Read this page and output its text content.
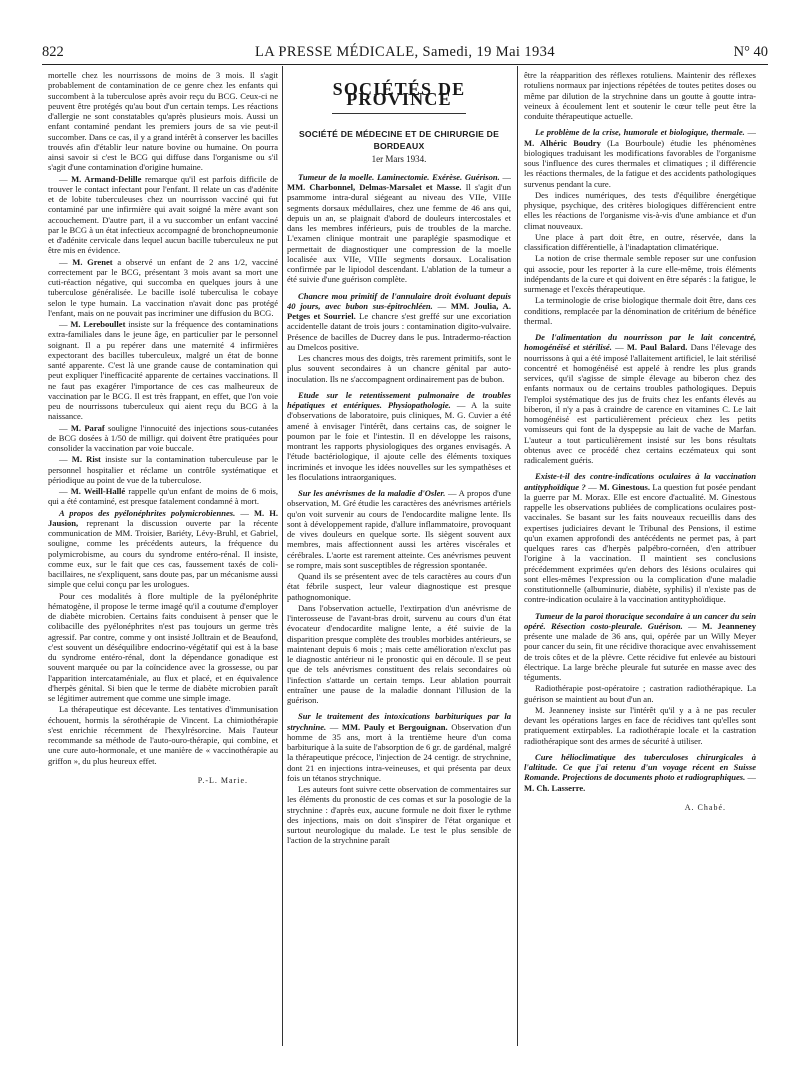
822	LA PRESSE MÉDICALE, Samedi, 19 Mai 1934	N° 40

mortelle chez les nourrissons de moins de 3 mois. Il s'agit probablement de contamination de ce genre chez les enfants qui succombent à la tuberculose après avoir reçu du BCG. Ceux-ci ne peuvent être protégés qu'au bout d'un certain temps. Les réactions d'allergie ne sont constatables qu'après plusieurs mois. Aussi un enfant contaminé pendant les premiers jours de sa vie peut-il succomber. Dans ce cas, il y a grand intérêt à conserver les bacilles trouvés afin d'établir leur nature bovine ou humaine. On pourra ainsi savoir si c'est le BCG qui diffuse dans l'organisme ou s'il s'agit d'une contamination d'origine humaine.

— M. Armand-Delille remarque qu'il est parfois difficile de trouver le contact infectant pour l'enfant. Il relate un cas d'adénite et de lobite tuberculeuses chez un nourrisson vacciné qui fut contaminé par une infirmière qui avait soigné la mère avant son accouchement. D'autre part, il a vu succomber un enfant vacciné par le BCG à un état infectieux accompagné de bronchopneumonie et d'adénite cervicale dans lequel aucun bacille tuberculeux ne put être mis en évidence.

— M. Grenet a observé un enfant de 2 ans 1/2, vacciné correctement par le BCG, présentant 3 mois avant sa mort une cuti-réaction négative, qui succomba en quelques jours à une tuberculose généralisée. Le bacille isolé tuberculisa le cobaye selon le type humain. La vaccination n'avait donc pas protégé l'enfant, mais on ne pouvait pas incriminer une diffusion du BCG.

— M. Lereboullet insiste sur la fréquence des contaminations extra-familiales dans le jeune âge, en particulier par le personnel soignant. Il a pu repérer dans une maternité 4 infirmières expectorant des bacilles tuberculeux, malgré un état de bonne santé apparente. C'est là une grande cause de contamination qui peut expliquer l'inefficacité apparente de certaines vaccinations. Il ne faut pas exagérer l'importance de ces cas malheureux de vaccination par le BCG. Il est très frappant, en effet, que l'on voie peu de nourrissons tuberculeux qui aient reçu du BCG à la naissance.

— M. Paraf souligne l'innocuité des injections sous-cutanées de BCG dosées à 1/50 de milligr. qui doivent être pratiquées pour consolider la vaccination par voie buccale.

— M. Rist insiste sur la contamination tuberculeuse par le personnel hospitalier et réclame un contrôle systématique et périodique au point de vue de la tuberculose.

— M. Weill-Hallé rappelle qu'un enfant de moins de 6 mois, qui a été contaminé, est presque fatalement condamné à mort.

A propos des pyélonéphrites polymicrobiennes. — M. H. Jausion, reprenant la discussion ouverte par la récente communication de MM. Troisier, Bariéty, Lévy-Bruhl, et Gabriel, souligne, comme les précédents auteurs, la fréquence du polymicrobisme, au cours du syndrome entéro-rénal. Il insiste, comme eux, sur le fait que ces cas, faussement taxés de coli-bacillaires, ne s'expliquent, sans doute pas, par un mécanisme aussi simple que celui conçu par les urologues.

Pour ces modalités à flore multiple de la pyélonéphrite hématogène, il propose le terme imagé qu'il a coutume d'employer de diabète microbien. Certains faits conduisent à penser que le colibacille des pyélonéphrites n'est pas toujours un germe très agressif. Par contre, comme y ont insisté Jolltrain et de Beaufond, c'est souvent un déséquilibre endocrino-végétatif qui est à la base du syndrome entéro-rénal, dont la dépendance gonadique est souvent marquée ou par la coïncidence avec la grossesse, ou par l'apparition intercataméniale, au flux et placé, et en équivalence d'herpès génital. Si bien que le terme de diabète microbien paraît se légitimer autrement que comme une simple image.

La thérapeutique est décevante. Les tentatives d'immunisation échouent, hormis la sérothérapie de Vincent. La chimiothérapie s'est enrichie récemment de l'hexylrésorcine. Mais l'auteur recommande sa méthode de l'auto-ouro-thérapie, qui combine, et une cure auto-hormonale, et une manière de « vaccinothérapie au griffon », du plus heureux effet.

P.-L. Marie.
SOCIÉTÉS DE PROVINCE
SOCIÉTÉ DE MÉDECINE ET DE CHIRURGIE DE BORDEAUX
1er Mars 1934.

Tumeur de la moelle. Laminectomie. Exérèse. Guérison. — MM. Charbonnel, Delmas-Marsalet et Masse. Il s'agit d'un psammome intra-dural siégeant au niveau des VIIe, VIIIe segments dorsaux médullaires, chez une femme de 46 ans qui, depuis un an, se plaignait d'abord de douleurs intercostales et dans les membres inférieurs, puis de troubles de la marche. L'examen clinique montrait une paraplégie spasmodique et permettait de diagnostiquer une compression de la moelle localisée aux VIIe, VIIIe segments dorsaux. Localisation confirmée par le lipiodol descendant. L'ablation de la tumeur a été suivie d'une guérison complète.

Chancre mou primitif de l'annulaire droit évoluant depuis 40 jours, avec bubon sus-épitrochléen. — MM. Joulia, A. Petges et Sourriel. Le chancre s'est greffé sur une excoriation accidentelle datant de trois jours : contamination digito-vulvaire. Présence de bacilles de Ducrey dans le pus. Intradermo-réaction au Dmelcos positive.

Les chancres mous des doigts, très rarement primitifs, sont le plus souvent secondaires à un chancre génital par auto-inoculation. Ils ne s'accompagnent ordinairement pas de bubon.

Etude sur le retentissement pulmonaire de troubles hépatiques et entériques. Physiopathologie. — A la suite d'observations de laboratoire, puis cliniques, M. G. Cuvier a été amené à envisager l'intérêt, dans certains cas, de soigner le poumon par le foie et l'intestin. Il en développe les raisons, montrant les rapports physiologiques des organes envisagés. A l'étude bactériologique, il ajoute celle des éléments toxiques incriminés et invoque les idées nouvelles sur les sympathèses et les floculations intraorganiques.

Sur les anévrismes de la maladie d'Osler. — A propos d'une observation, M. Gré étudie les caractères des anévrismes artériels qu'on voit survenir au cours de l'endocardite maligne lente. Ils sont à développement rapide, d'allure inflammatoire, provoquant de vives douleurs en quelque sorte. Ils siègent souvent aux membres, mais affectionnent aussi les artères viscérales et cérébrales. L'aorte est rarement atteinte. Ces anévrismes peuvent se rompre, mais sont susceptibles de régression spontanée.

Quand ils se présentent avec de tels caractères au cours d'un état fébrile suspect, leur valeur diagnostique est presque pathognomonique.

Dans l'observation actuelle, l'extirpation d'un anévrisme de l'interosseuse de l'avant-bras droit, survenu au cours d'un état évocateur d'endocardite maligne lente, a été suivie de la disparition presque complète des troubles morbides antérieurs, se maintenant depuis 6 mois ; mais cette amélioration n'exclut pas le diagnostic antérieur ni le pronostic qui en découle. Il se peut que de tels anévrismes constituent des relais secondaires où l'infection s'attarde un certain temps. Leur ablation pourrait entraîner une pause de la maladie donnant l'illusion de la guérison.

Sur le traitement des intoxications barbituriques par la strychnine. — MM. Pauly et Bergouignan. Observation d'un homme de 35 ans, mort à la trentième heure d'un coma barbiturique à la suite de l'absorption de 6 gr. de gardénal, malgré la thérapeutique précoce, l'injection de 24 centigr. de strychnine, dont 21 en injections intra-veineuses, et qui présenta par deux fois un tétanos strychnique.

Les auteurs font suivre cette observation de commentaires sur les éléments du pronostic de ces comas et sur la posologie de la strychnine : d'après eux, aucune formule ne doit fixer le rythme des injections, mais on doit s'inspirer de l'état organique et surtout neurologique du malade. Le test le plus sensible de l'action de la strychnine paraît

être la réapparition des réflexes rotuliens. Maintenir des réflexes rotuliens normaux par injections répétées de toutes petites doses ou même par dilution de la strychnine dans un goutte à goutte intra-veineux à écoulement lent et soutenir le cœur telle peut être la conduite thérapeutique actuelle.

Le problème de la crise, humorale et biologique, thermale. — M. Alhéric Boudry (La Bourboule) étudie les phénomènes biologiques traduisant les modifications favorables de l'organisme sous l'influence des cures thermales et climatiques ; il différencie les réactions thermales, de la fatigue et des accidents pathologiques survenus pendant la cure.

Des indices numériques, des tests d'équilibre énergétique physique, psychique, des critères biologiques différencient entre elles les réactions de l'organisme vis-à-vis d'une ambiance et d'un climat nouveaux.

Une place à part doit être, en outre, réservée, dans la classification différentielle, à l'inadaptation climatérique.

La notion de crise thermale semble reposer sur une confusion qui associe, pour les reporter à la cure elle-même, trois éléments indépendants de la cure et qui doivent en être séparés : la fatigue, le surmenage et l'excès thérapeutique.

La terminologie de crise biologique thermale doit être, dans ces conditions, remplacée par la dénomination de critérium de bénéfice thermal.

De l'alimentation du nourrisson par le lait concentré, homogénéisé et stérilisé. — M. Paul Balard. Dans l'élevage des nourrissons à qui a été imposé l'allaitement artificiel, le lait stérilisé concentré et homogénéisé est appelé à rendre les plus grands services, qu'il s'agisse de simple élevage au biberon chez des enfants normaux ou de certains troubles pathologiques. Depuis l'emploi systématique des jus de fruits chez les enfants élevés au biberon, il n'y a pas à craindre de carence en vitamines C. Le lait homogénéisé est particulièrement précieux chez les petits vomisseurs qui font de la dyspepsie au lait de vache de Marfan. L'auteur a tout particulièrement insisté sur les bons résultats obtenus avec ce procédé chez certains eczémateux qui sont radicalement guéris.

Existe-t-il des contre-indications oculaires à la vaccination antityphoïdique ? — M. Ginestous. La question fut posée pendant la guerre par M. Morax. Elle est encore d'actualité. M. Ginestous rappelle les observations publiées de complications oculaires post-vaccinales. Se basant sur les faits nouveaux recueillis dans des expertises judiciaires devant le Tribunal des Pensions, il estime qu'un examen approfondi des antécédents ne permet pas, à part quelques rares cas d'herpès palpébro-cornéen, d'en attribuer l'origine à la vaccination. Il maintient ses conclusions précédemment exprimées qu'en dehors des lésions oculaires qui sont elles-mêmes l'expression ou la complication d'une maladie constitutionnelle (albuminurie, diabète, syphilis) il n'existe pas de contre-indication oculaire à la vaccination antityphoïdique.

Tumeur de la paroi thoracique secondaire à un cancer du sein opéré. Résection costo-pleurale. Guérison. — M. Jeanneney présente une malade de 36 ans, qui, opérée par un Willy Meyer pour cancer du sein, fit une récidive thoracique avec envahissement de trois côtes et de la plèvre. Cette récidive fut enlevée au bistouri électrique. La large brèche pleurale fut suturée en masse avec des téguments.

Radiothérapie post-opératoire ; castration radiothérapique. La guérison se maintient au bout d'un an.

M. Jeanneney insiste sur l'intérêt qu'il y a à ne pas reculer devant les opérations larges en face de récidives tant qu'elles sont pratiquement extirpables. La radiothérapie locale et la castration radiothérapique sont des armes de sécurité à utiliser.

Cure hélioclimatique des tuberculoses chirurgicales à l'altitude. Ce que j'ai retenu d'un voyage récent en Suisse Romande. Projections de documents photo et radiographiques. — M. Ch. Lasserre.

A. Chabé.
